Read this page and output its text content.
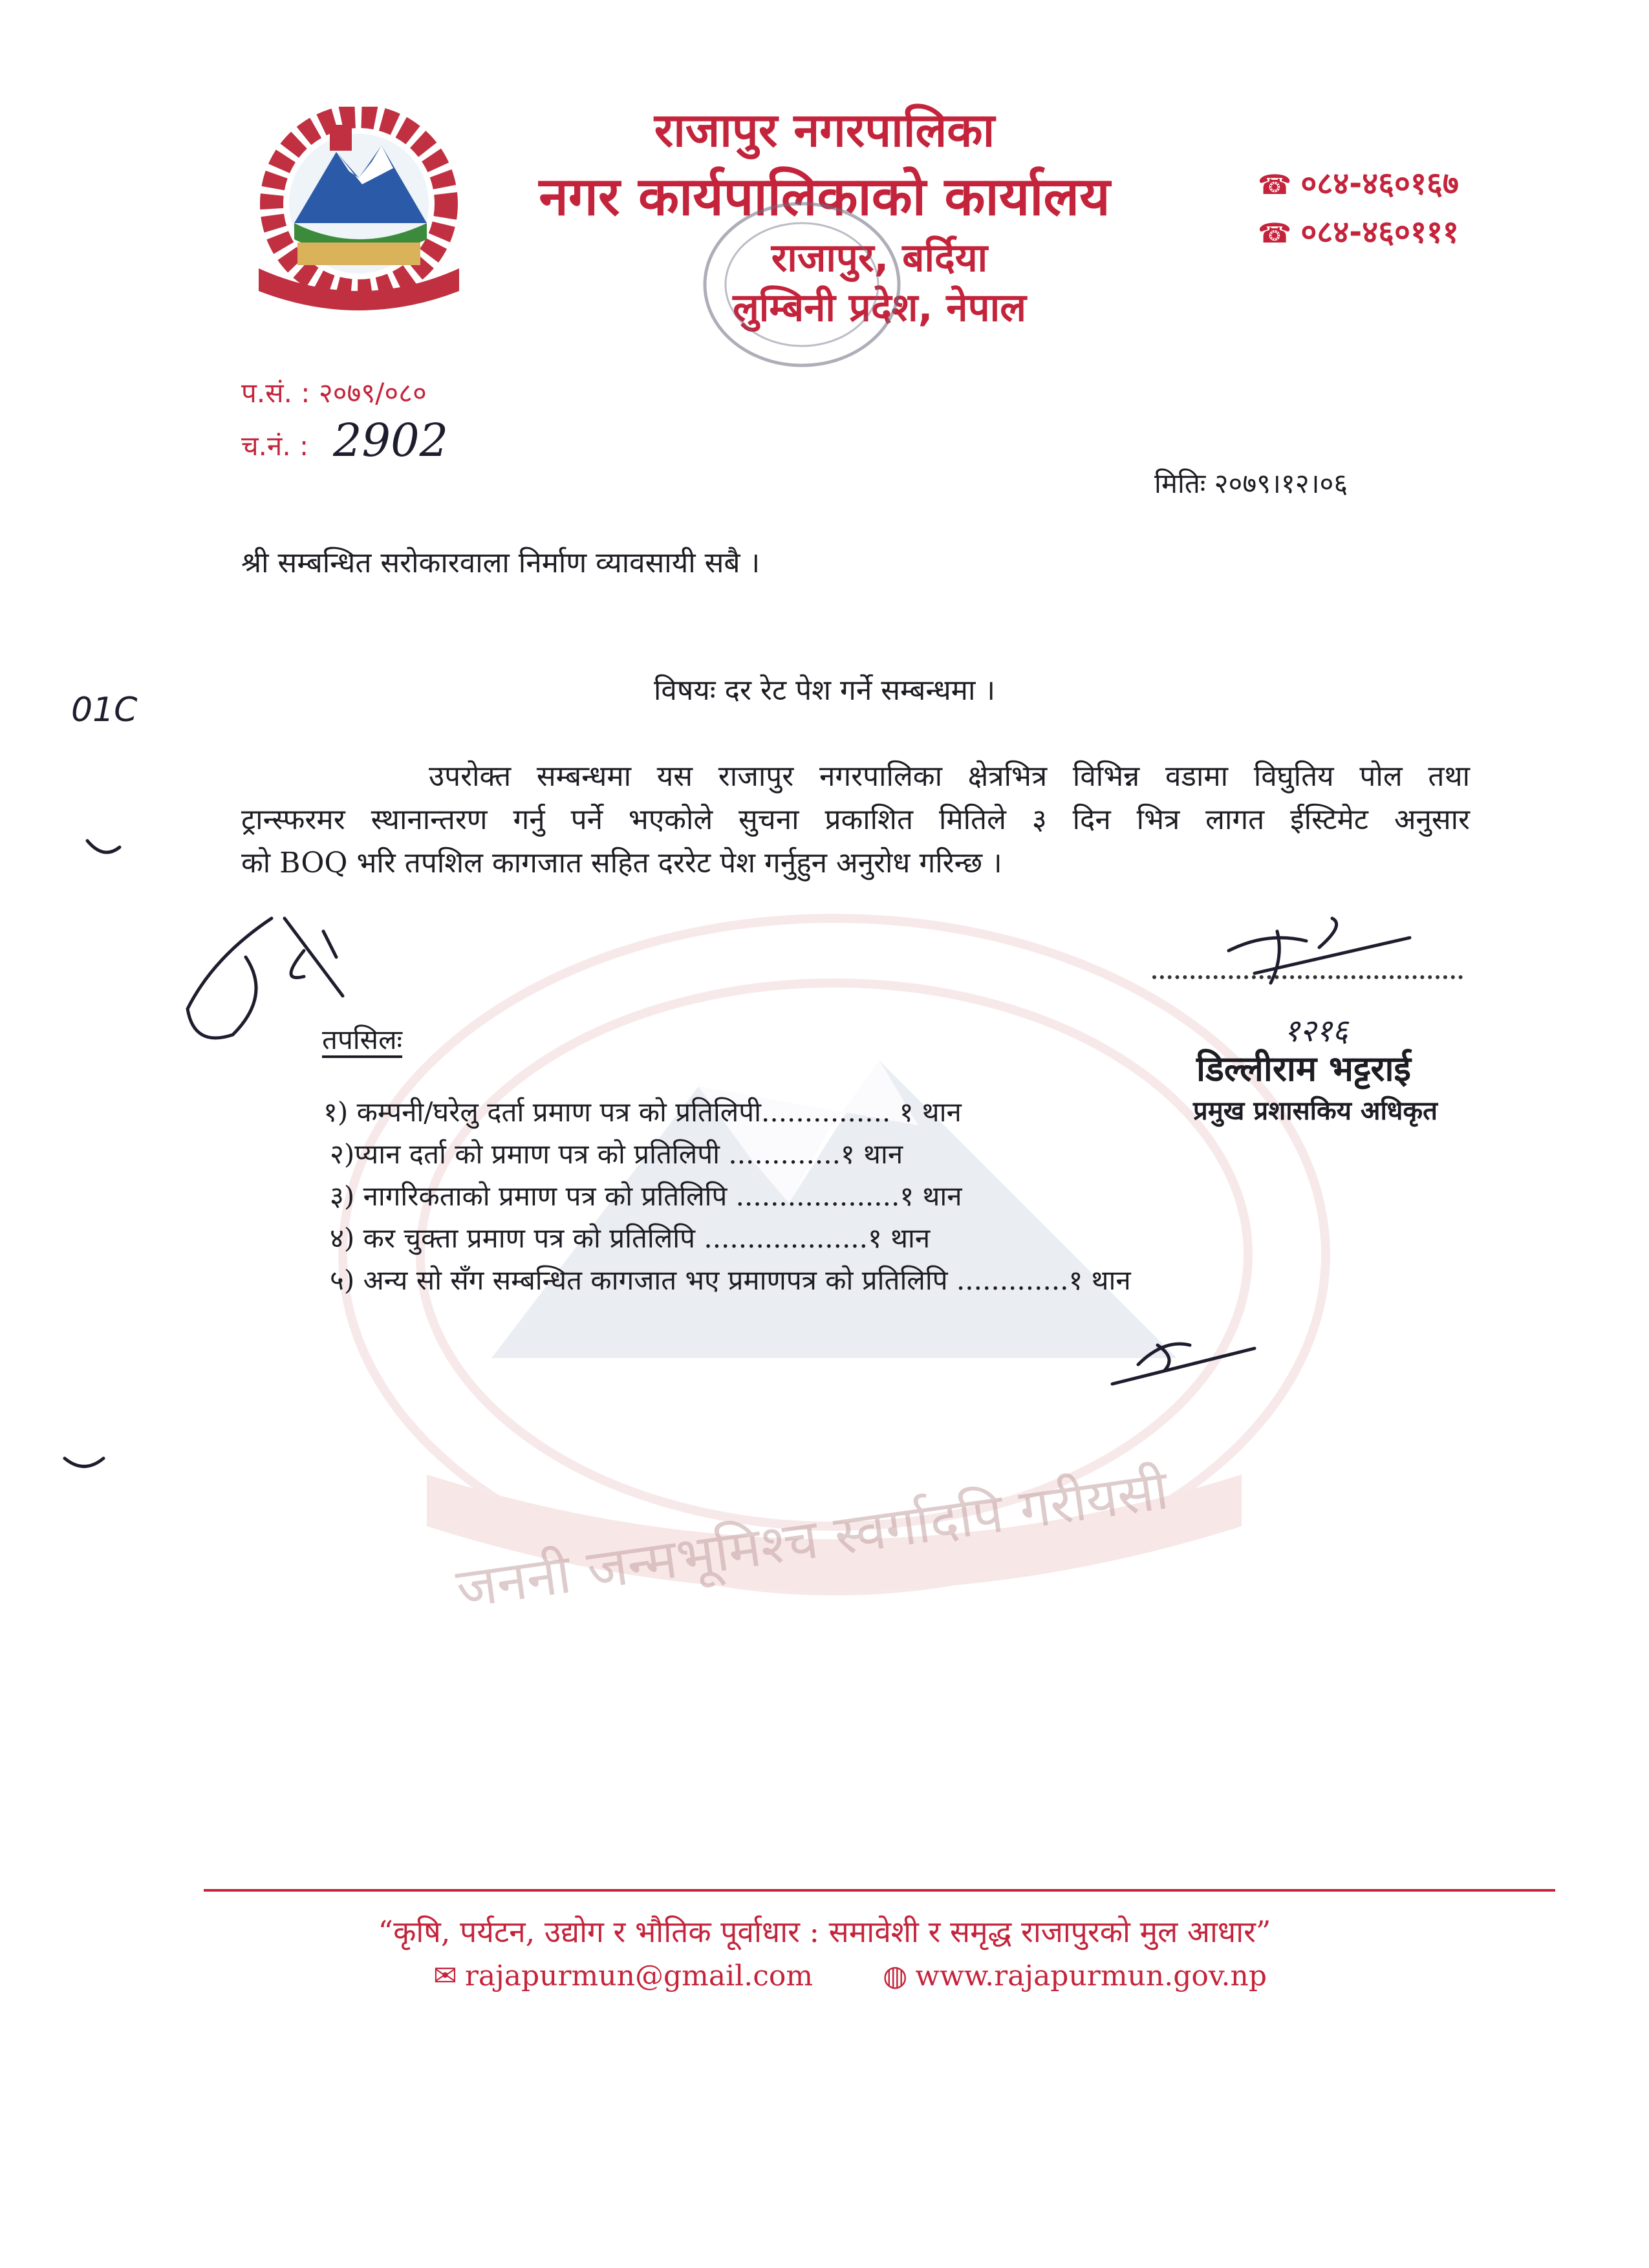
जननी जन्मभूमिश्च स्वर्गादपि गरीयसी
राजापुर नगरपालिका
नगर कार्यपालिकाको कार्यालय
राजापुर, बर्दिया
लुम्बिनी प्रदेश, नेपाल
☎ ०८४-४६०१६७
☎ ०८४-४६०१११
प.सं. : २०७९/०८०
च.नं. : 2902
मितिः २०७९।१२।०६
श्री सम्बन्धित सरोकारवाला निर्माण व्यावसायी सबै ।
01C
विषयः दर रेट पेश गर्ने सम्बन्धमा ।
उपरोक्त सम्बन्धमा यस राजापुर नगरपालिका क्षेत्रभित्र विभिन्न वडामा विघुतिय पोल तथा
ट्रान्स्फरमर स्थानान्तरण गर्नु पर्ने भएकोले सुचना प्रकाशित मितिले ३ दिन भित्र लागत ईस्टिमेट अनुसार
को BOQ भरि तपशिल कागजात सहित दररेट पेश गर्नुहुन अनुरोध गरिन्छ ।
१२१६
डिल्लीराम भट्टराई
प्रमुख प्रशासकिय अधिकृत
तपसिलः
१) कम्पनी/घरेलु दर्ता प्रमाण पत्र को प्रतिलिपी............... १ थान
२)प्यान दर्ता को प्रमाण पत्र को प्रतिलिपी .............१ थान
३) नागरिकताको प्रमाण पत्र को प्रतिलिपि ...................१ थान
४) कर चुक्ता प्रमाण पत्र को प्रतिलिपि ...................१ थान
५) अन्य सो सँग सम्बन्धित कागजात भए प्रमाणपत्र को प्रतिलिपि .............१ थान
“कृषि, पर्यटन, उद्योग र भौतिक पूर्वाधार : समावेशी र समृद्ध राजापुरको मुल आधार”
✉ rajapurmun@gmail.com ◍ www.rajapurmun.gov.np
